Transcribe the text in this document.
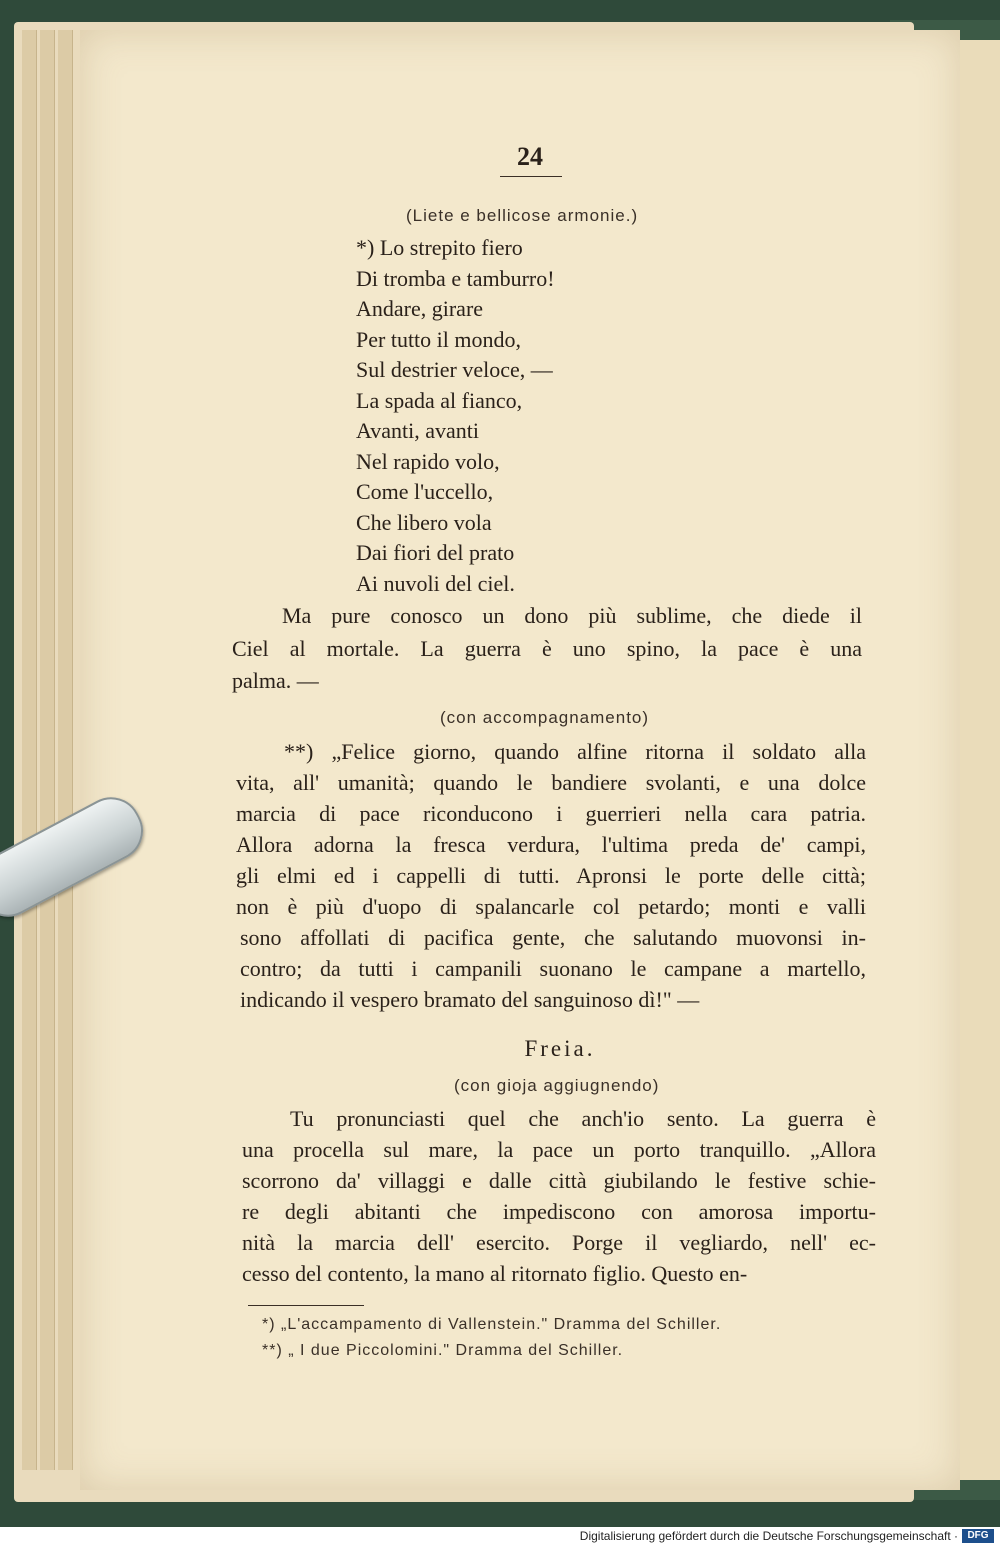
24
(Liete e bellicose armonie.)
*) Lo strepito fiero
Di tromba e tamburro!
Andare, girare
Per tutto il mondo,
Sul destrier veloce, —
La spada al fianco,
Avanti, avanti
Nel rapido volo,
Come l'uccello,
Che libero vola
Dai fiori del prato
Ai nuvoli del ciel.
Ma pure conosco un dono più sublime, che diede il
Ciel al mortale. La guerra è uno spino, la pace è una
palma. —
(con accompagnamento)
**) „Felice giorno, quando alfine ritorna il soldato alla
vita, all' umanità; quando le bandiere svolanti, e una dolce
marcia di pace riconducono i guerrieri nella cara patria.
Allora adorna la fresca verdura, l'ultima preda de' campi,
gli elmi ed i cappelli di tutti. Apronsi le porte delle città;
non è più d'uopo di spalancarle col petardo; monti e valli
sono affollati di pacifica gente, che salutando muovonsi in-
contro; da tutti i campanili suonano le campane a martello,
indicando il vespero bramato del sanguinoso dì!" —
Freia.
(con gioja aggiugnendo)
Tu pronunciasti quel che anch'io sento. La guerra è
una procella sul mare, la pace un porto tranquillo. „Allora
scorrono da' villaggi e dalle città giubilando le festive schie-
re degli abitanti che impediscono con amorosa importu-
nità la marcia dell' esercito. Porge il vegliardo, nell' ec-
cesso del contento, la mano al ritornato figlio. Questo en-
*) „L'accampamento di Vallenstein." Dramma del Schiller.
**) „ I due Piccolomini." Dramma del Schiller.
Digitalisierung gefördert durch die Deutsche Forschungsgemeinschaft · DFG
